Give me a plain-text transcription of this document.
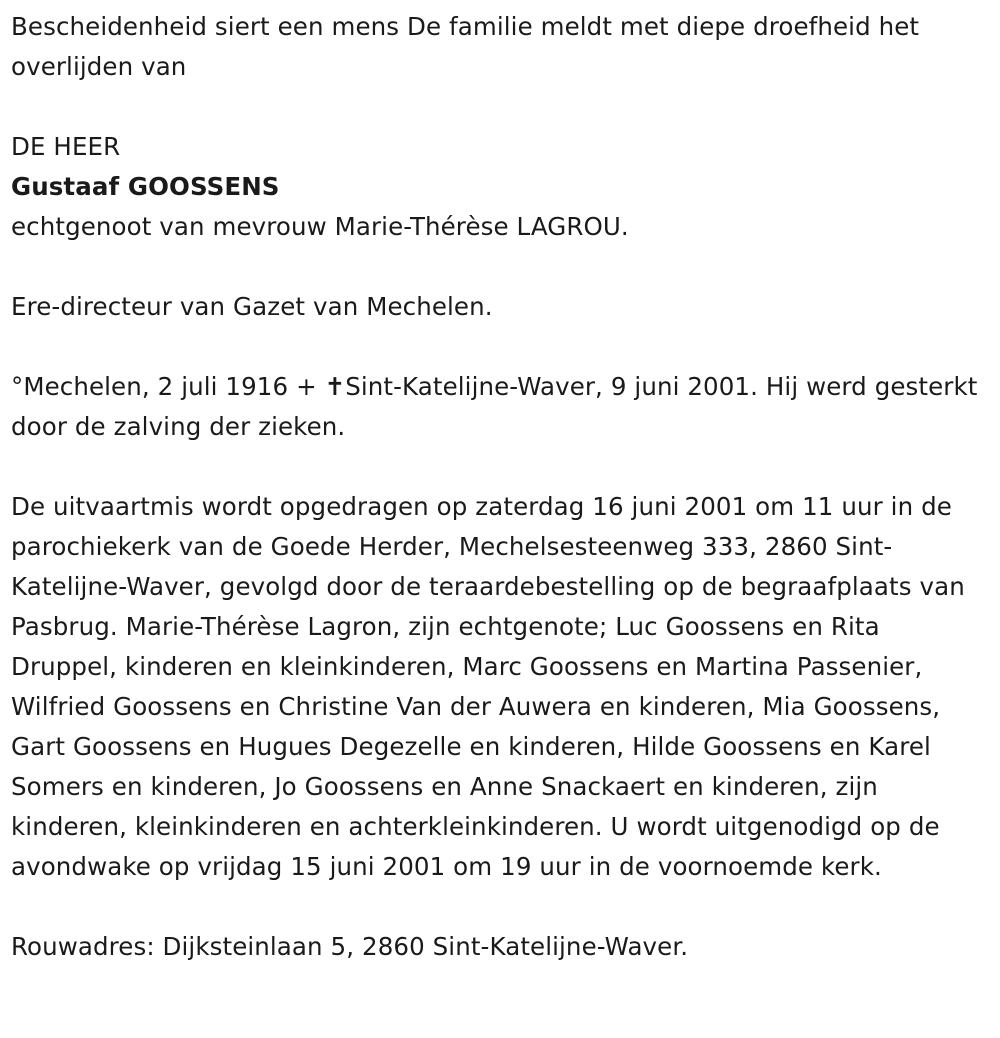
Bescheidenheid siert een mens De familie meldt met diepe droefheid het overlijden van

DE HEER

Gustaaf GOOSSENS

echtgenoot van mevrouw Marie-Thérèse LAGROU.

Ere-directeur van Gazet van Mechelen.

°Mechelen, 2 juli 1916 + ✝Sint-Katelijne-Waver, 9 juni 2001. Hij werd gesterkt door de zalving der zieken.

De uitvaartmis wordt opgedragen op zaterdag 16 juni 2001 om 11 uur in de parochiekerk van de Goede Herder, Mechelsesteenweg 333, 2860 Sint-Katelijne-Waver, gevolgd door de teraardebestelling op de begraafplaats van Pasbrug. Marie-Thérèse Lagron, zijn echtgenote; Luc Goossens en Rita Druppel, kinderen en kleinkinderen, Marc Goossens en Martina Passenier, Wilfried Goossens en Christine Van der Auwera en kinderen, Mia Goossens, Gart Goossens en Hugues Degezelle en kinderen, Hilde Goossens en Karel Somers en kinderen, Jo Goossens en Anne Snackaert en kinderen, zijn kinderen, kleinkinderen en achterkleinkinderen. U wordt uitgenodigd op de avondwake op vrijdag 15 juni 2001 om 19 uur in de voornoemde kerk.

Rouwadres: Dijksteinlaan 5, 2860 Sint-Katelijne-Waver.
